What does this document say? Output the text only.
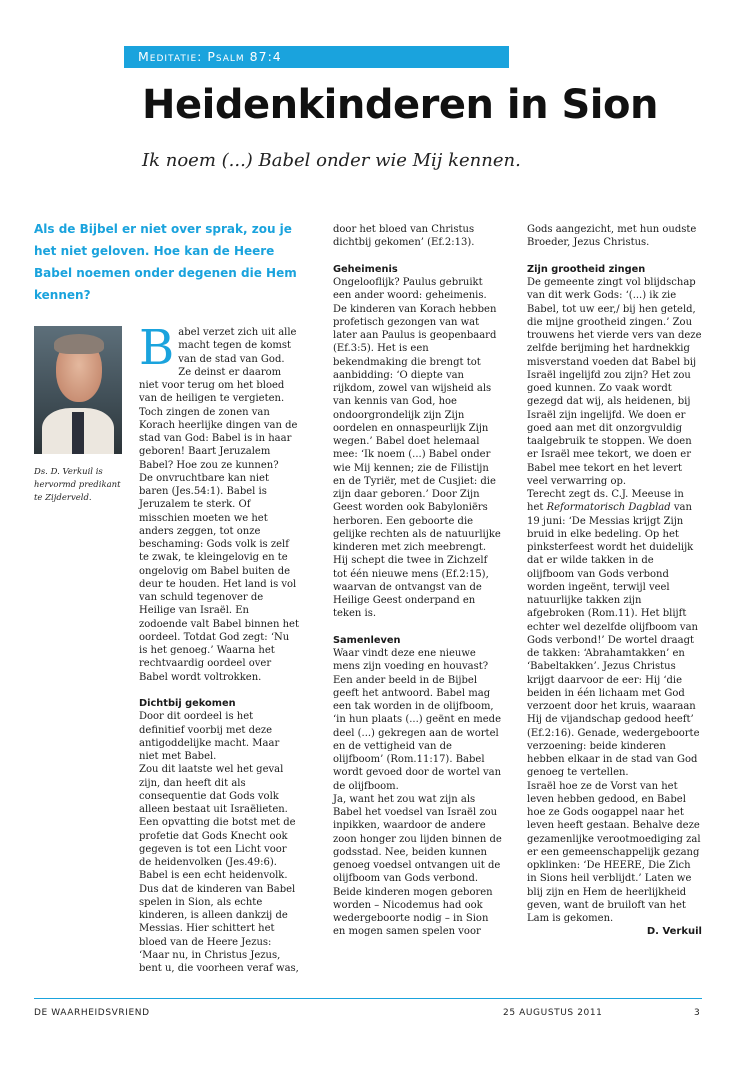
Meditatie: Psalm 87:4
Heidenkinderen in Sion
Ik noem (...) Babel onder wie Mij kennen.

Als de Bijbel er niet over sprak, zou je het niet geloven. Hoe kan de Heere Babel noemen onder degenen die Hem kennen?

Ds. D. Verkuil is hervormd predikant te Zijderveld.

Babel verzet zich uit alle macht tegen de komst van de stad van God. Ze deinst er daarom niet voor terug om het bloed van de heiligen te vergieten. Toch zingen de zonen van Korach heerlijke dingen van de stad van God: Babel is in haar geboren! Baart Jeruzalem Babel? Hoe zou ze kunnen?

De onvruchtbare kan niet baren (Jes.54:1). Babel is Jeruzalem te sterk. Of misschien moeten we het anders zeggen, tot onze beschaming: Gods volk is zelf te zwak, te kleingelovig en te ongelovig om Babel buiten de deur te houden. Het land is vol van schuld tegenover de Heilige van Israël. En zodoende valt Babel binnen het oordeel. Totdat God zegt: ‘Nu is het genoeg.’ Waarna het rechtvaardig oordeel over Babel wordt voltrokken.

Dichtbij gekomen

Door dit oordeel is het definitief voorbij met deze antigoddelijke macht. Maar niet met Babel.

Zou dit laatste wel het geval zijn, dan heeft dit als consequentie dat Gods volk alleen bestaat uit Israëlieten. Een opvatting die botst met de profetie dat Gods Knecht ook gegeven is tot een Licht voor de heidenvolken (Jes.49:6). Babel is een echt heidenvolk.

Dus dat de kinderen van Babel spelen in Sion, als echte kinderen, is alleen dankzij de Messias. Hier schittert het bloed van de Heere Jezus: ‘Maar nu, in Christus Jezus, bent u, die voorheen veraf was,

door het bloed van Christus dichtbij gekomen’ (Ef.2:13).

Geheimenis

Ongelooflijk? Paulus gebruikt een ander woord: geheimenis.

De kinderen van Korach hebben profetisch gezongen van wat later aan Paulus is geopenbaard (Ef.3:5). Het is een bekendmaking die brengt tot aanbidding: ‘O diepte van rijkdom, zowel van wijsheid als van kennis van God, hoe ondoorgrondelijk zijn Zijn oordelen en onnaspeurlijk Zijn wegen.’ Babel doet helemaal mee: ‘Ik noem (...) Babel onder wie Mij kennen; zie de Filistijn en de Tyriër, met de Cusjiet: die zijn daar geboren.’ Door Zijn Geest worden ook Babyloniërs herboren. Een geboorte die gelijke rechten als de natuurlijke kinderen met zich meebrengt. Hij schept die twee in Zichzelf tot één nieuwe mens (Ef.2:15), waarvan de ontvangst van de Heilige Geest onderpand en teken is.

Samenleven

Waar vindt deze ene nieuwe mens zijn voeding en houvast? Een ander beeld in de Bijbel geeft het antwoord. Babel mag een tak worden in de olijfboom, ‘in hun plaats (...) geënt en mede deel (...) gekregen aan de wortel en de vettigheid van de olijfboom’ (Rom.11:17). Babel wordt gevoed door de wortel van de olijfboom.

Ja, want het zou wat zijn als Babel het voedsel van Israël zou inpikken, waardoor de andere zoon honger zou lijden binnen de godsstad. Nee, beiden kunnen genoeg voedsel ontvangen uit de olijfboom van Gods verbond.

Beide kinderen mogen geboren worden – Nicodemus had ook wedergeboorte nodig – in Sion en mogen samen spelen voor

Gods aangezicht, met hun oudste Broeder, Jezus Christus.

Zijn grootheid zingen

De gemeente zingt vol blijdschap van dit werk Gods: ‘(...) ik zie Babel, tot uw eer,/ bij hen geteld, die mijne grootheid zingen.’ Zou trouwens het vierde vers van deze zelfde berijming het hardnekkig misverstand voeden dat Babel bij Israël ingelijfd zou zijn? Het zou goed kunnen. Zo vaak wordt gezegd dat wij, als heidenen, bij Israël zijn ingelijfd. We doen er goed aan met dit onzorgvuldig taalgebruik te stoppen. We doen er Israël mee tekort, we doen er Babel mee tekort en het levert veel verwarring op.

Terecht zegt ds. C.J. Meeuse in het Reformatorisch Dagblad van 19 juni: ‘De Messias krijgt Zijn bruid in elke bedeling. Op het pinksterfeest wordt het duidelijk dat er wilde takken in de olijfboom van Gods verbond worden ingeënt, terwijl veel natuurlijke takken zijn afgebroken (Rom.11). Het blijft echter wel dezelfde olijfboom van Gods verbond!’ De wortel draagt de takken: ‘Abrahamtakken’ en ‘Babeltakken’. Jezus Christus krijgt daarvoor de eer: Hij ‘die beiden in één lichaam met God verzoent door het kruis, waaraan Hij de vijandschap gedood heeft’ (Ef.2:16). Genade, wedergeboorte verzoening: beide kinderen hebben elkaar in de stad van God genoeg te vertellen.

Israël hoe ze de Vorst van het leven hebben gedood, en Babel hoe ze Gods oogappel naar het leven heeft gestaan. Behalve deze gezamenlijke verootmoediging zal er een gemeenschappelijk gezang opklinken: ‘De HEERE, Die Zich in Sions heil verblijdt.’ Laten we blij zijn en Hem de heerlijkheid geven, want de bruiloft van het Lam is gekomen.

D. Verkuil

DE WAARHEIDSVRIEND	25 AUGUSTUS 2011	3
